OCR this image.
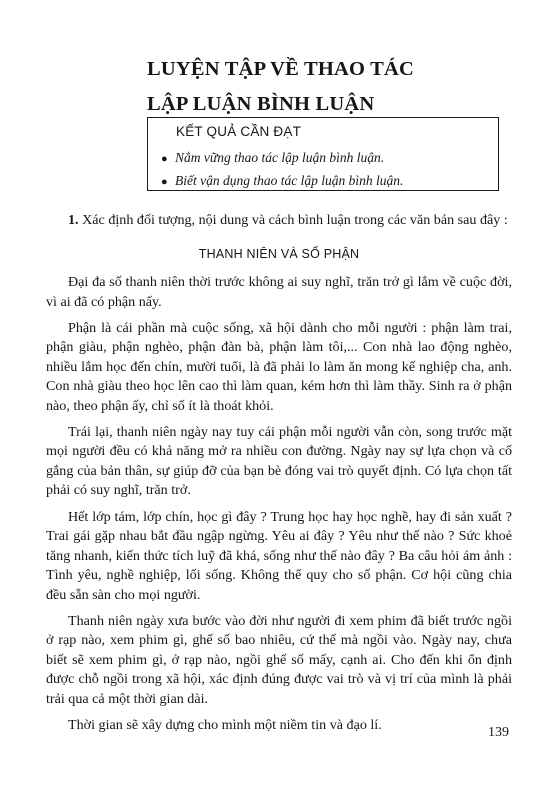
LUYỆN TẬP VỀ THAO TÁC
LẬP LUẬN BÌNH LUẬN
KẾT QUẢ CẦN ĐẠT
● Nắm vững thao tác lập luận bình luận.
● Biết vận dụng thao tác lập luận bình luận.

1. Xác định đối tượng, nội dung và cách bình luận trong các văn bản sau đây :

THANH NIÊN VÀ SỐ PHẬN

Đại đa số thanh niên thời trước không ai suy nghĩ, trăn trở gì lắm về cuộc đời, vì ai đã có phận nấy.

Phận là cái phần mà cuộc sống, xã hội dành cho mỗi người : phận làm trai, phận giàu, phận nghèo, phận đàn bà, phận làm tôi,... Con nhà lao động nghèo, nhiều lắm học đến chín, mười tuổi, là đã phải lo làm ăn mong kế nghiệp cha, anh. Con nhà giàu theo học lên cao thì làm quan, kém hơn thì làm thầy. Sinh ra ở phận nào, theo phận ấy, chỉ số ít là thoát khỏi.

Trái lại, thanh niên ngày nay tuy cái phận mỗi người vẫn còn, song trước mặt mọi người đều có khả năng mở ra nhiều con đường. Ngày nay sự lựa chọn và cố gắng của bản thân, sự giúp đỡ của bạn bè đóng vai trò quyết định. Có lựa chọn tất phải có suy nghĩ, trăn trở.

Hết lớp tám, lớp chín, học gì đây ? Trung học hay học nghề, hay đi sản xuất ? Trai gái gặp nhau bắt đầu ngập ngừng. Yêu ai đây ? Yêu như thế nào ? Sức khoẻ tăng nhanh, kiến thức tích luỹ đã khá, sống như thế nào đây ? Ba câu hỏi ám ảnh : Tình yêu, nghề nghiệp, lối sống. Không thể quy cho số phận. Cơ hội cũng chia đều sẵn sàn cho mọi người.

Thanh niên ngày xưa bước vào đời như người đi xem phim đã biết trước ngồi ở rạp nào, xem phim gì, ghế số bao nhiêu, cứ thế mà ngồi vào. Ngày nay, chưa biết sẽ xem phim gì, ở rạp nào, ngồi ghế số mấy, cạnh ai. Cho đến khi ổn định được chỗ ngồi trong xã hội, xác định đúng được vai trò và vị trí của mình là phải trải qua cả một thời gian dài.

Thời gian sẽ xây dựng cho mình một niềm tin và đạo lí.	139
